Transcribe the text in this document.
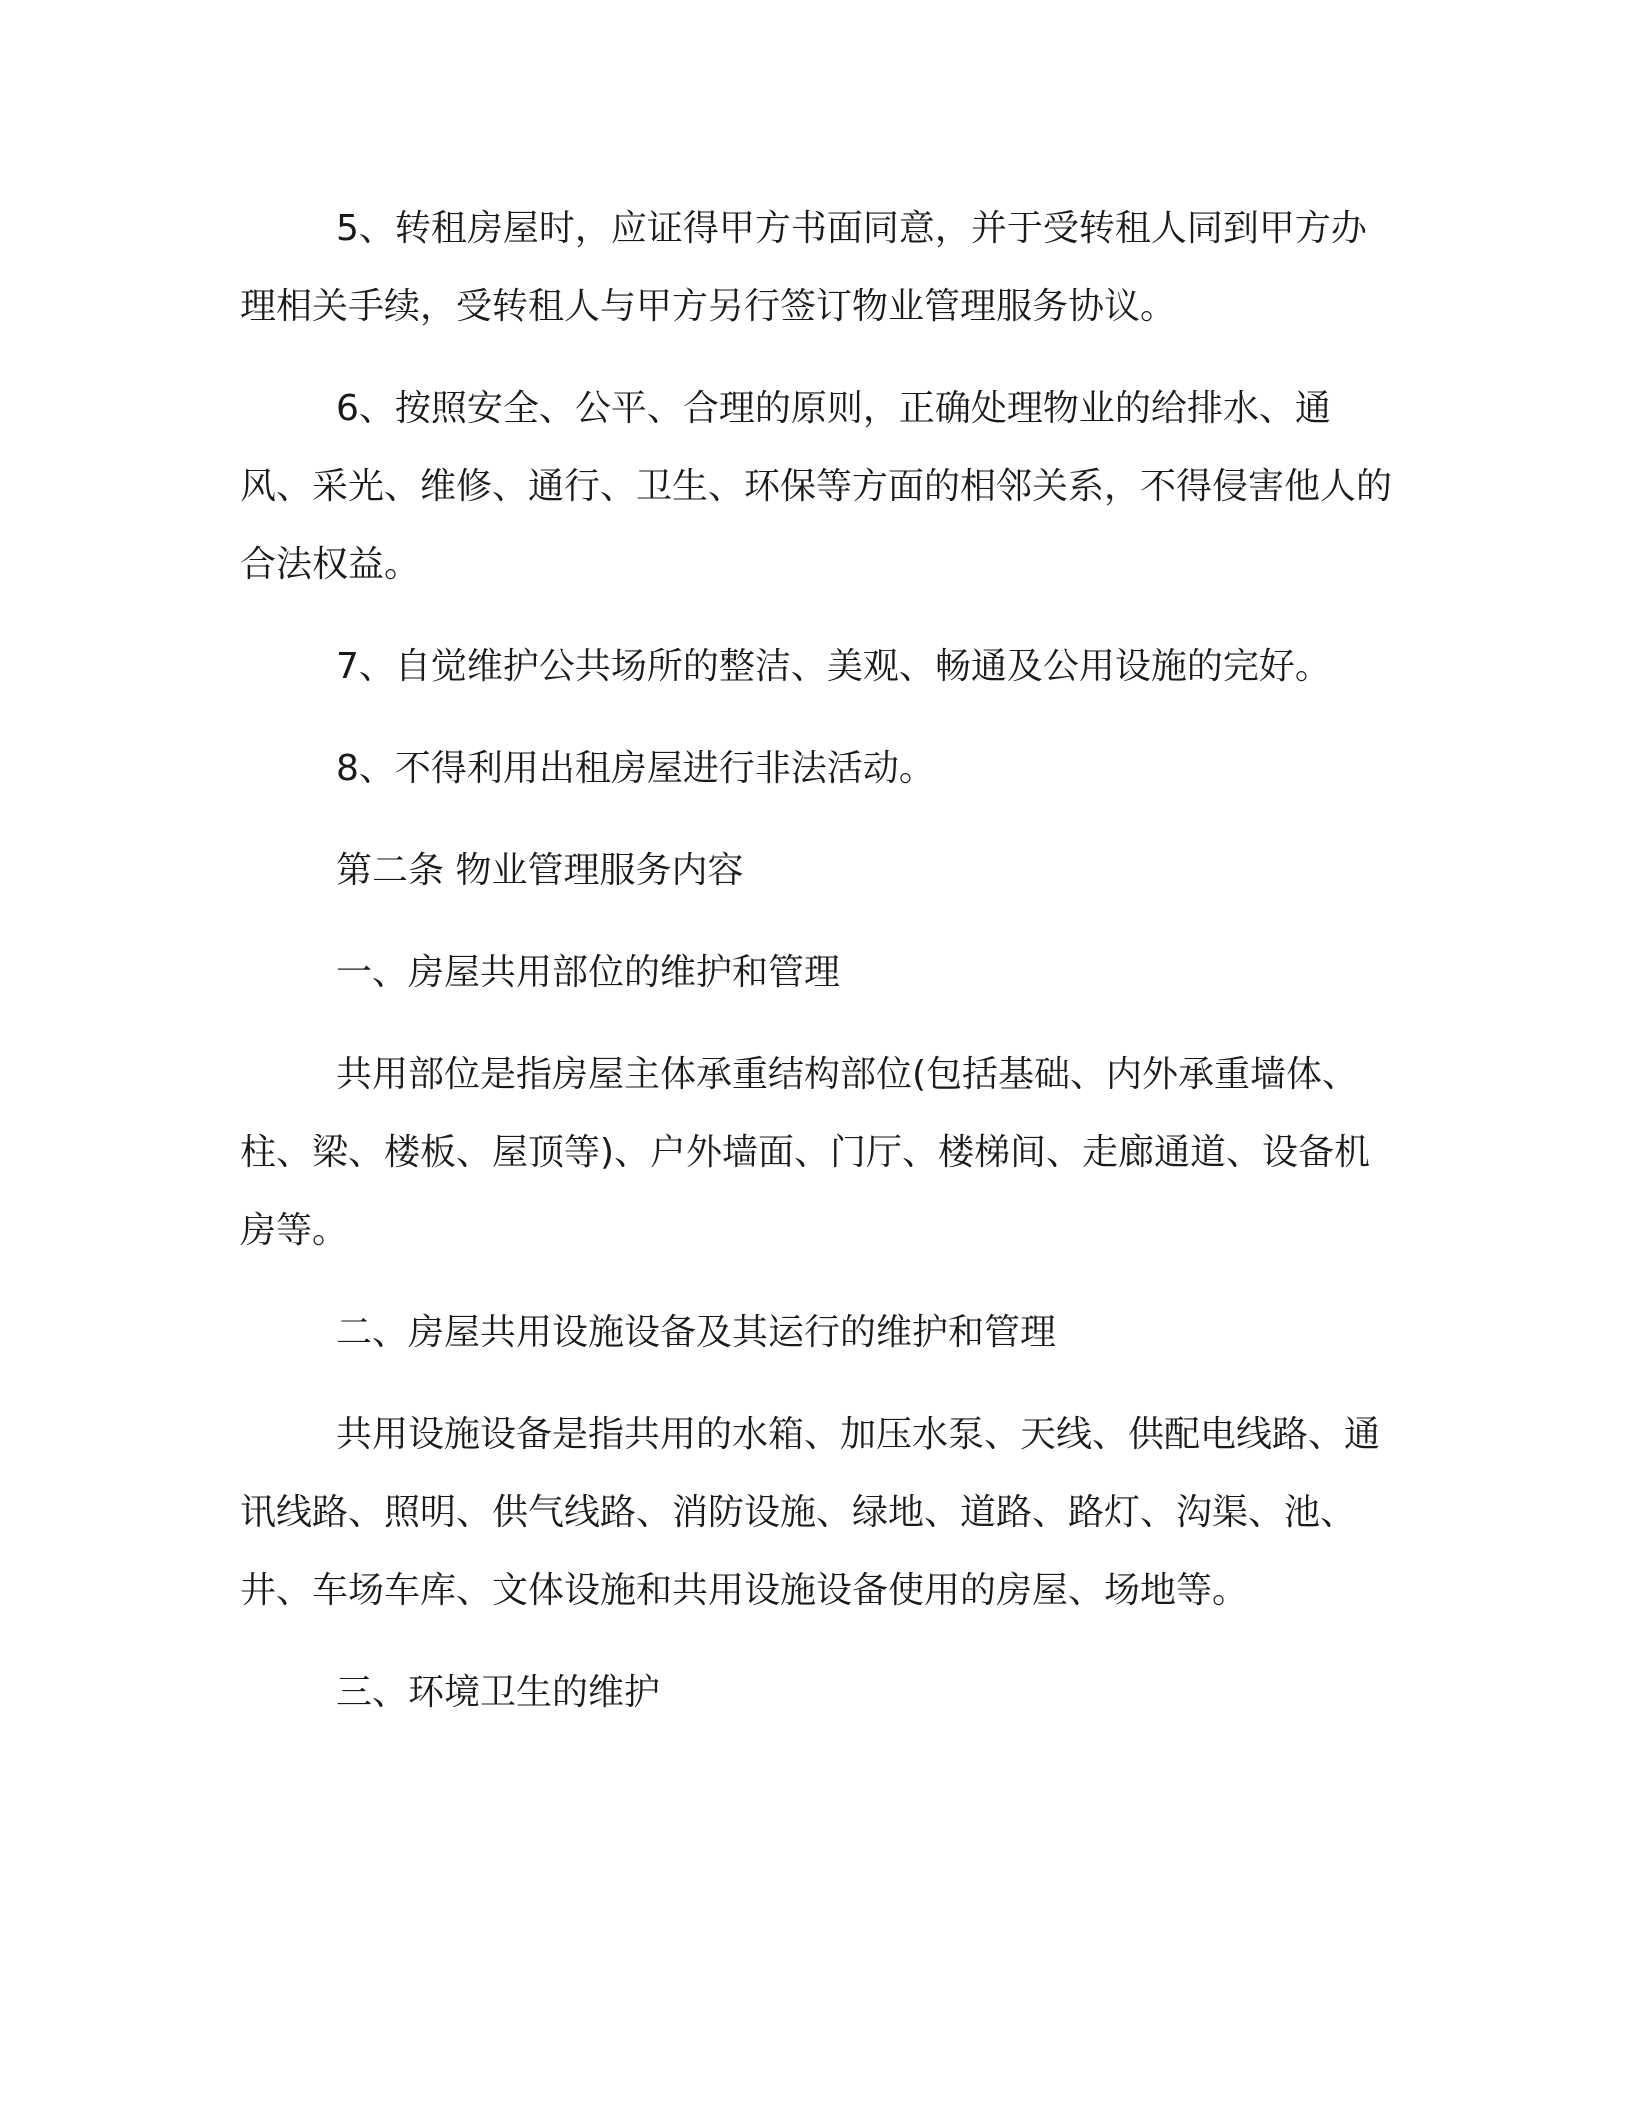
5、转租房屋时，应证得甲方书面同意，并于受转租人同到甲方办理相关手续，受转租人与甲方另行签订物业管理服务协议。

6、按照安全、公平、合理的原则，正确处理物业的给排水、通风、采光、维修、通行、卫生、环保等方面的相邻关系，不得侵害他人的合法权益。

7、自觉维护公共场所的整洁、美观、畅通及公用设施的完好。

8、不得利用出租房屋进行非法活动。

第二条 物业管理服务内容

一、房屋共用部位的维护和管理

共用部位是指房屋主体承重结构部位(包括基础、内外承重墙体、柱、梁、楼板、屋顶等)、户外墙面、门厅、楼梯间、走廊通道、设备机房等。

二、房屋共用设施设备及其运行的维护和管理

共用设施设备是指共用的水箱、加压水泵、天线、供配电线路、通讯线路、照明、供气线路、消防设施、绿地、道路、路灯、沟渠、池、井、车场车库、文体设施和共用设施设备使用的房屋、场地等。

三、环境卫生的维护
